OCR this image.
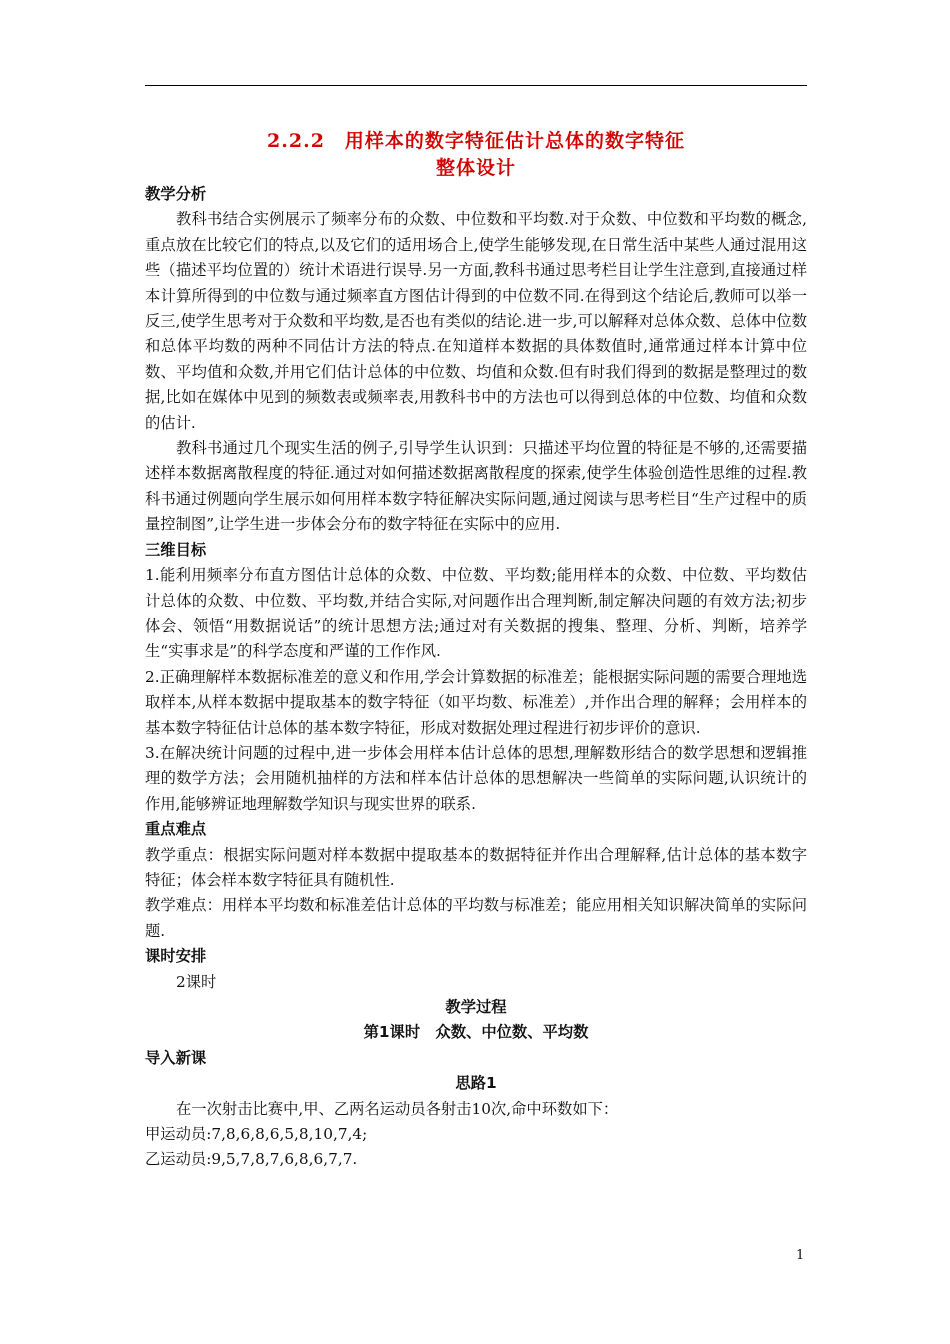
2.2.2　用样本的数字特征估计总体的数字特征
整体设计
教学分析

教科书结合实例展示了频率分布的众数、中位数和平均数.对于众数、中位数和平均数的概念,重点放在比较它们的特点,以及它们的适用场合上,使学生能够发现,在日常生活中某些人通过混用这些（描述平均位置的）统计术语进行误导.另一方面,教科书通过思考栏目让学生注意到,直接通过样本计算所得到的中位数与通过频率直方图估计得到的中位数不同.在得到这个结论后,教师可以举一反三,使学生思考对于众数和平均数,是否也有类似的结论.进一步,可以解释对总体众数、总体中位数和总体平均数的两种不同估计方法的特点.在知道样本数据的具体数值时,通常通过样本计算中位数、平均值和众数,并用它们估计总体的中位数、均值和众数.但有时我们得到的数据是整理过的数据,比如在媒体中见到的频数表或频率表,用教科书中的方法也可以得到总体的中位数、均值和众数的估计.

教科书通过几个现实生活的例子,引导学生认识到：只描述平均位置的特征是不够的,还需要描述样本数据离散程度的特征.通过对如何描述数据离散程度的探索,使学生体验创造性思维的过程.教科书通过例题向学生展示如何用样本数字特征解决实际问题,通过阅读与思考栏目“生产过程中的质量控制图”,让学生进一步体会分布的数字特征在实际中的应用.

三维目标

1.能利用频率分布直方图估计总体的众数、中位数、平均数;能用样本的众数、中位数、平均数估计总体的众数、中位数、平均数,并结合实际,对问题作出合理判断,制定解决问题的有效方法;初步体会、领悟“用数据说话”的统计思想方法;通过对有关数据的搜集、整理、分析、判断，培养学生“实事求是”的科学态度和严谨的工作作风.

2.正确理解样本数据标准差的意义和作用,学会计算数据的标准差；能根据实际问题的需要合理地选取样本,从样本数据中提取基本的数字特征（如平均数、标准差）,并作出合理的解释；会用样本的基本数字特征估计总体的基本数字特征，形成对数据处理过程进行初步评价的意识.

3.在解决统计问题的过程中,进一步体会用样本估计总体的思想,理解数形结合的数学思想和逻辑推理的数学方法；会用随机抽样的方法和样本估计总体的思想解决一些简单的实际问题,认识统计的作用,能够辨证地理解数学知识与现实世界的联系.

重点难点

教学重点：根据实际问题对样本数据中提取基本的数据特征并作出合理解释,估计总体的基本数字特征；体会样本数字特征具有随机性.

教学难点：用样本平均数和标准差估计总体的平均数与标准差；能应用相关知识解决简单的实际问题.

课时安排

2课时

教学过程
第1课时　众数、中位数、平均数
导入新课
思路1

在一次射击比赛中,甲、乙两名运动员各射击10次,命中环数如下：

甲运动员:7,8,6,8,6,5,8,10,7,4;

乙运动员:9,5,7,8,7,6,8,6,7,7.

1
